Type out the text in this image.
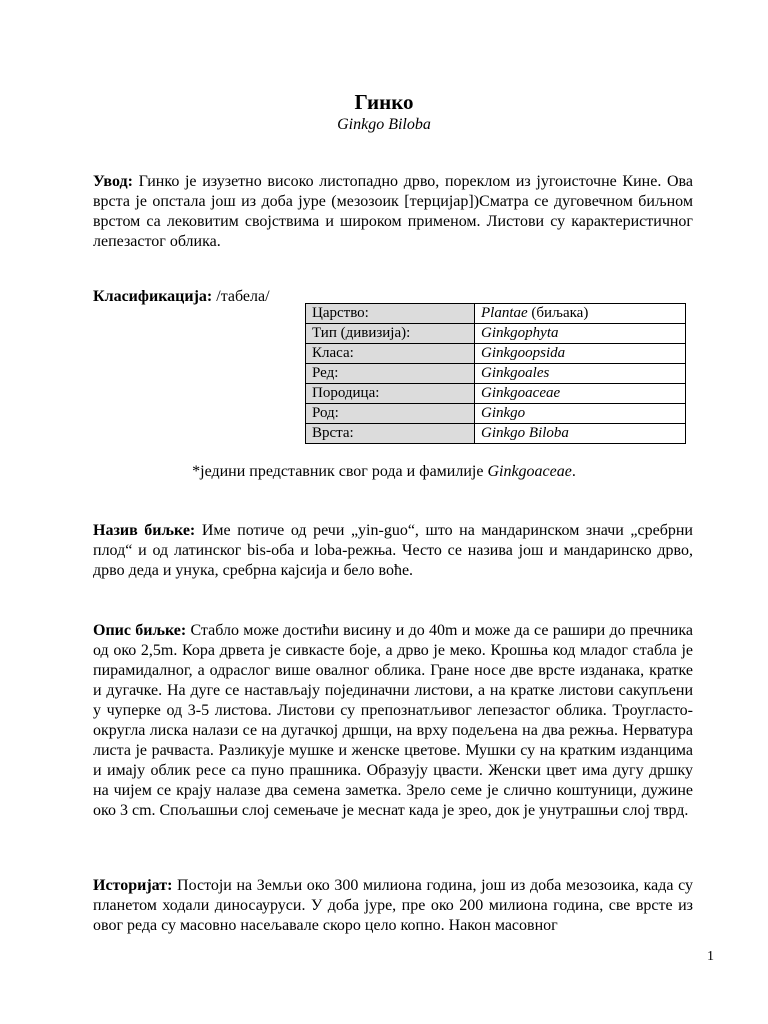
Гинко
Ginkgo Biloba
Увод: Гинко је изузетно високо листопадно дрво, пореклом из југоисточне Кине. Ова врста је опстала још из доба јуре (мезозоик [терцијар])Сматра се дуговечном биљном врстом са лековитим својствима и широком применом. Листови су карактеристичног лепезастог облика.
Класификација: /табела/
Царство:	Plantae (биљака)
Тип (дивизија):	Ginkgophyta
Класа:	Ginkgoopsida
Ред:	Ginkgoales
Породица:	Ginkgoaceae
Род:	Ginkgo
Врста:	Ginkgo Biloba
*једини представник свог рода и фамилије Ginkgoaceae.
Назив биљке: Име потиче од речи „yin-guo“, што на мандаринском значи „сребрни плод“ и од латинског bis-оба и loba-режња. Често се назива још и мандаринско дрво, дрво деда и унука, сребрна кајсија и бело воће.
Опис биљке: Стабло може достићи висину и до 40m и може да се рашири до пречника од око 2,5m. Кора дрвета је сивкасте боје, а дрво је меко. Крошња код младог стабла је пирамидалног, а одраслог више овалног облика. Гране носе две врсте изданака, кратке и дугачке. На дуге се настављају појединачни листови, а на кратке листови сакупљени у чуперке од 3-5 листова. Листови су препознатљивог лепезастог облика. Троугласто-округла лиска налази се на дугачкој дршци, на врху подељена на два режња. Нерватура листа је рачваста. Разликује мушке и женске цветове. Мушки су на кратким изданцима и имају облик ресе са пуно прашника. Образују цвасти. Женски цвет има дугу дршку на чијем се крају налазе два семена заметка. Зрело семе је слично коштуници, дужине око 3 cm. Спољашњи слој семењаче је меснат када је зрео, док је унутрашњи слој тврд.
Историјат: Постоји на Земљи око 300 милиона година, још из доба мезозоика, када су планетом ходали диносауруси. У доба јуре, пре око 200 милиона година, све врсте из овог реда су масовно насељавале скоро цело копно. Након масовног
1
